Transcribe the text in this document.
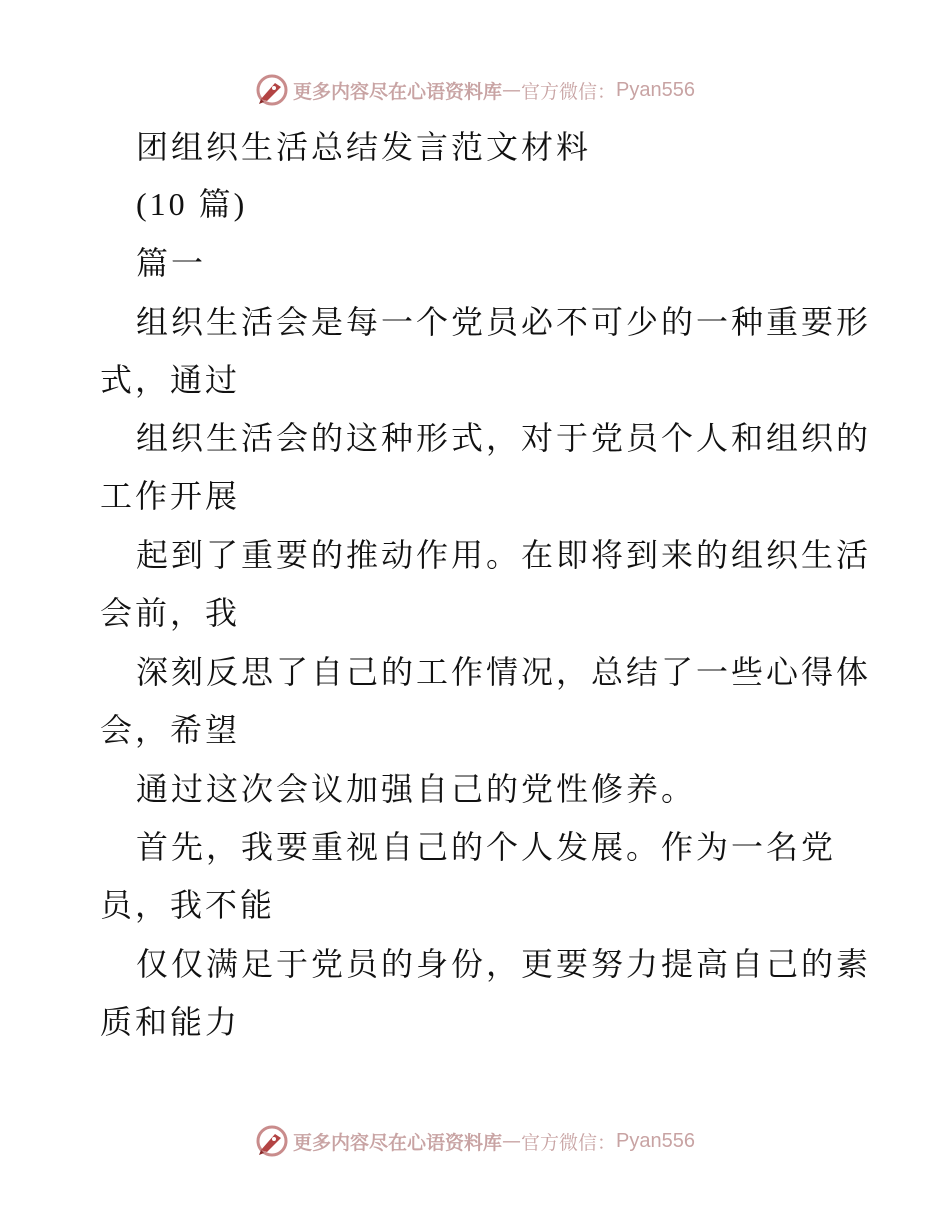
更多内容尽在心语资料库 — 官方微信： Pyan556
团组织生活总结发言范文材料
(10 篇)
篇一
组织生活会是每一个党员必不可少的一种重要形
式，通过
组织生活会的这种形式，对于党员个人和组织的
工作开展
起到了重要的推动作用。在即将到来的组织生活
会前，我
深刻反思了自己的工作情况，总结了一些心得体
会，希望
通过这次会议加强自己的党性修养。
首先，我要重视自己的个人发展。作为一名党
员，我不能
仅仅满足于党员的身份，更要努力提高自己的素
质和能力
更多内容尽在心语资料库 — 官方微信： Pyan556
